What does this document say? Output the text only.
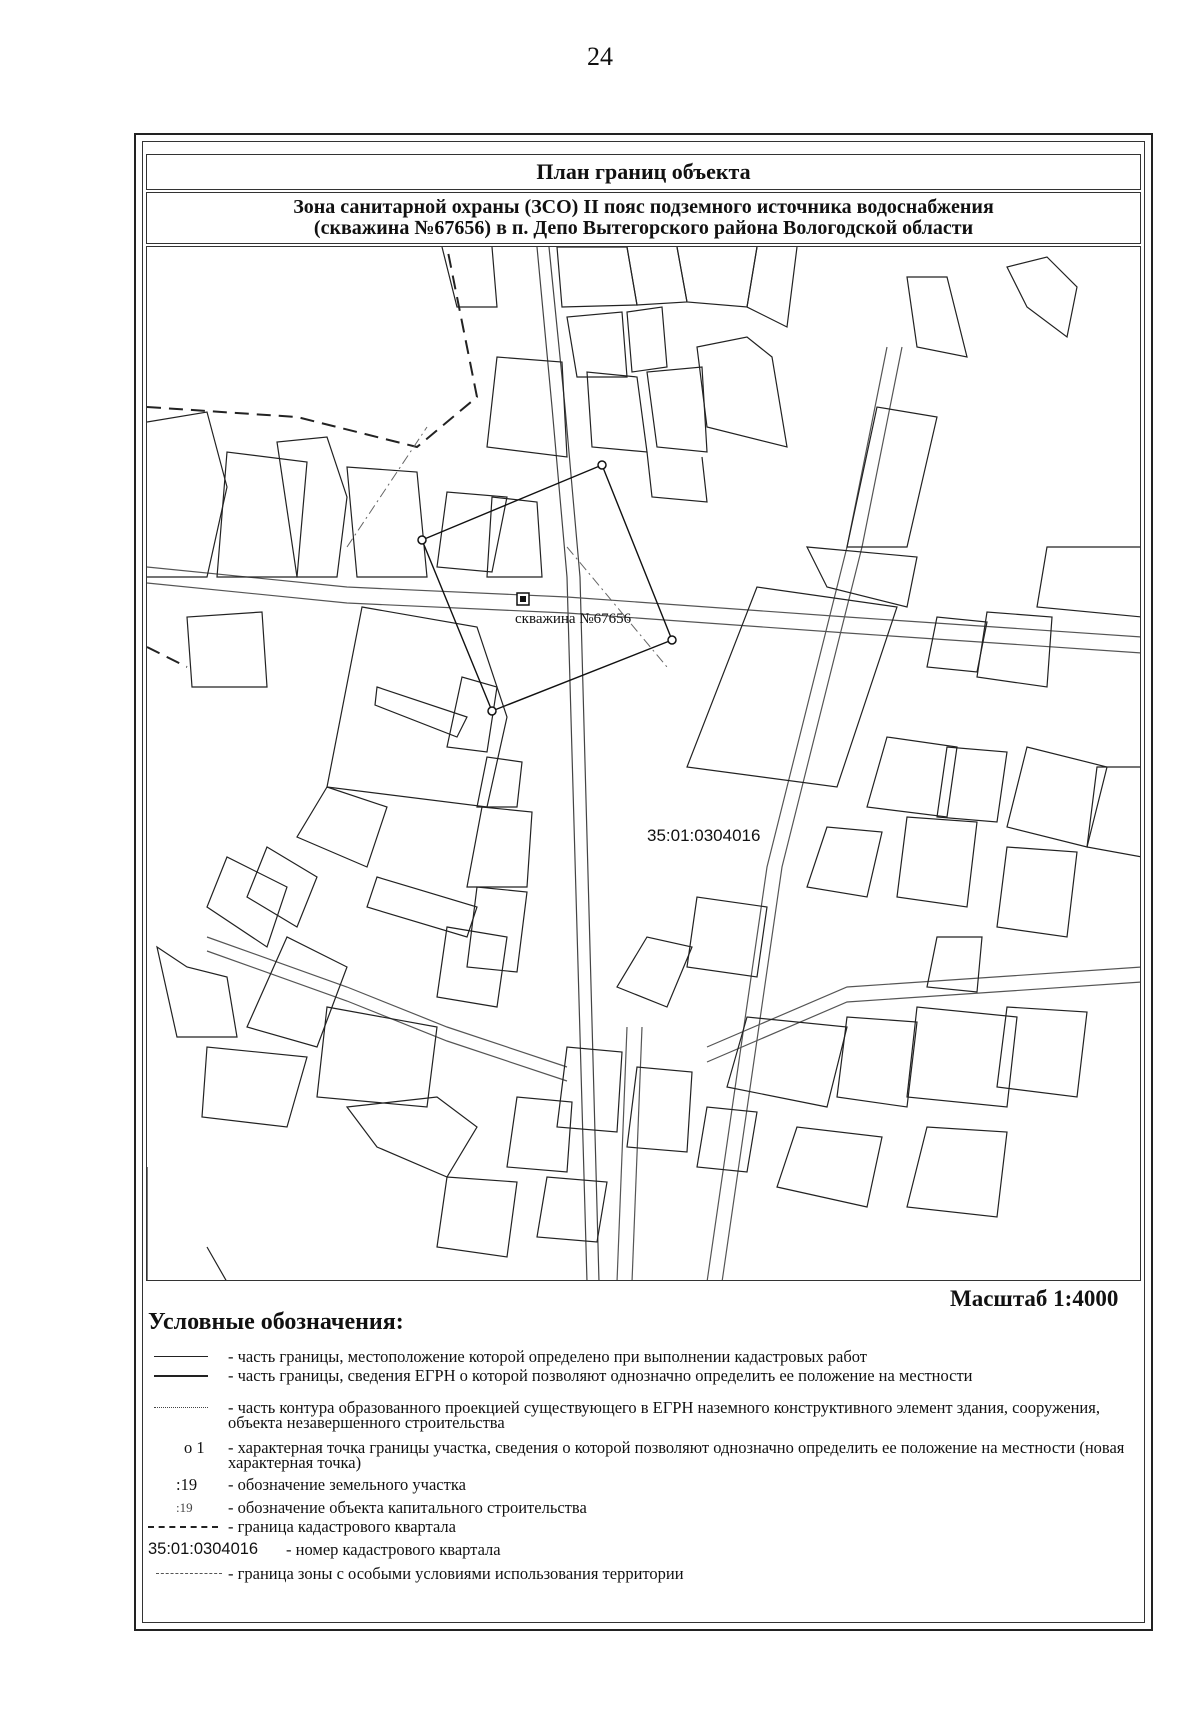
24
План границ объекта
Зона санитарной охраны (ЗСО) II пояс подземного источника водоснабжения
(скважина №67656) в п. Депо Вытегорского района Вологодской области
скважина №67656
35:01:0304016
Масштаб 1:4000
Условные обозначения:
- часть границы, местоположение которой определено при выполнении кадастровых работ
- часть границы, сведения ЕГРН о которой позволяют однозначно определить ее положение на местности
- часть контура образованного проекцией существующего в ЕГРН наземного конструктивного элемент здания, сооружения, объекта незавершенного строительства
o 1	- характерная точка границы участка, сведения о которой позволяют однозначно определить ее положение на местности (новая характерная точка)
:19	- обозначение земельного участка
:19	- обозначение объекта капитального строительства
- граница кадастрового квартала
35:01:0304016	- номер кадастрового квартала
- граница зоны с особыми условиями использования территории
